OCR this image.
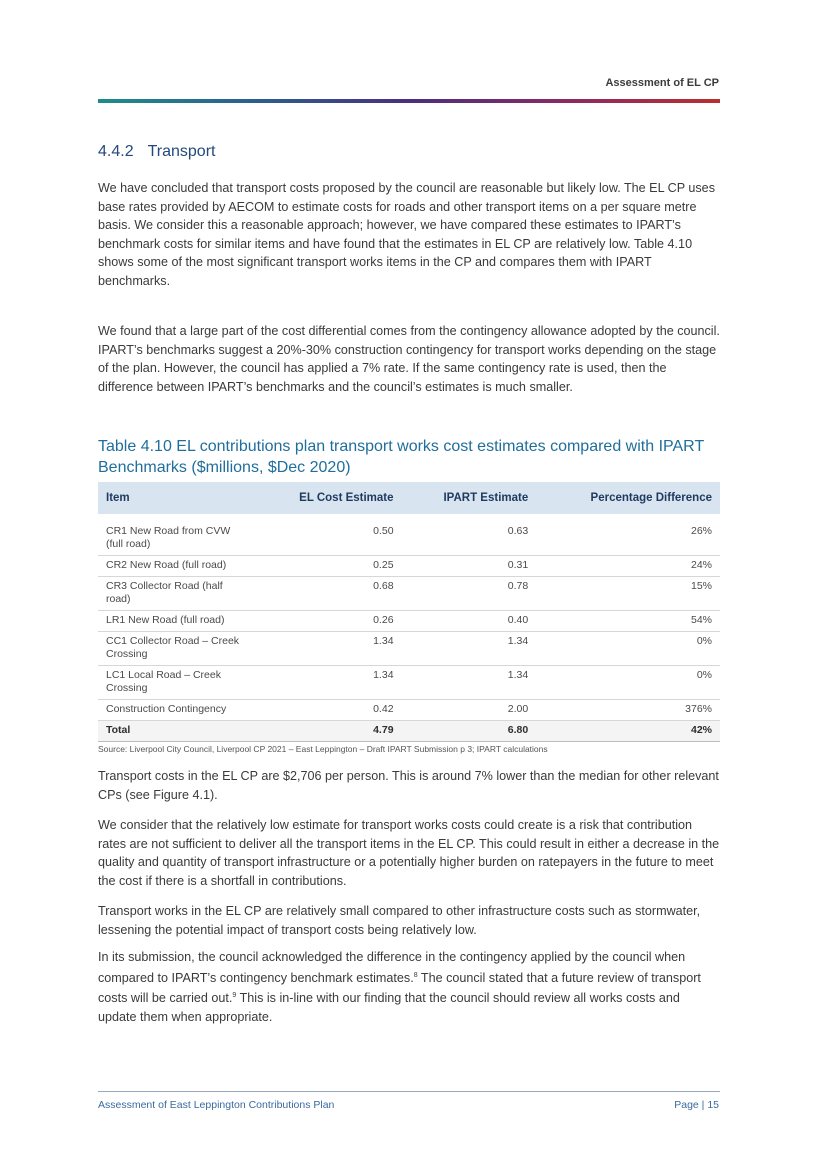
Assessment of EL CP
4.4.2 Transport

We have concluded that transport costs proposed by the council are reasonable but likely low. The EL CP uses base rates provided by AECOM to estimate costs for roads and other transport items on a per square metre basis. We consider this a reasonable approach; however, we have compared these estimates to IPART’s benchmark costs for similar items and have found that the estimates in EL CP are relatively low. Table 4.10 shows some of the most significant transport works items in the CP and compares them with IPART benchmarks.

We found that a large part of the cost differential comes from the contingency allowance adopted by the council. IPART’s benchmarks suggest a 20%-30% construction contingency for transport works depending on the stage of the plan. However, the council has applied a 7% rate. If the same contingency rate is used, then the difference between IPART’s benchmarks and the council’s estimates is much smaller.

Table 4.10 EL contributions plan transport works cost estimates compared with IPART Benchmarks ($millions, $Dec 2020)
Item	EL Cost Estimate	IPART Estimate	Percentage Difference
CR1 New Road from CVW (full road)	0.50	0.63	26%
CR2 New Road (full road)	0.25	0.31	24%
CR3 Collector Road (half road)	0.68	0.78	15%
LR1 New Road (full road)	0.26	0.40	54%
CC1 Collector Road – Creek Crossing	1.34	1.34	0%
LC1 Local Road – Creek Crossing	1.34	1.34	0%
Construction Contingency	0.42	2.00	376%
Total	4.79	6.80	42%

Source: Liverpool City Council, Liverpool CP 2021 – East Leppington – Draft IPART Submission p 3; IPART calculations

Transport costs in the EL CP are $2,706 per person. This is around 7% lower than the median for other relevant CPs (see Figure 4.1).

We consider that the relatively low estimate for transport works costs could create is a risk that contribution rates are not sufficient to deliver all the transport items in the EL CP. This could result in either a decrease in the quality and quantity of transport infrastructure or a potentially higher burden on ratepayers in the future to meet the cost if there is a shortfall in contributions.

Transport works in the EL CP are relatively small compared to other infrastructure costs such as stormwater, lessening the potential impact of transport costs being relatively low.

In its submission, the council acknowledged the difference in the contingency applied by the council when compared to IPART’s contingency benchmark estimates.$^8$ The council stated that a future review of transport costs will be carried out.$^9$ This is in-line with our finding that the council should review all works costs and update them when appropriate.

Assessment of East Leppington Contributions Plan	Page | 15
